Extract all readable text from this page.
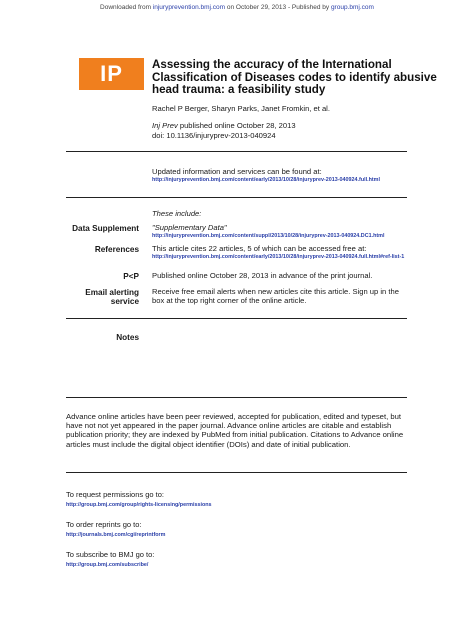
Downloaded from injuryprevention.bmj.com on October 29, 2013 - Published by group.bmj.com
IP	Assessing the accuracy of the International Classification of Diseases codes to identify abusive head trauma: a feasibility study
Rachel P Berger, Sharyn Parks, Janet Fromkin, et al.
Inj Prev published online October 28, 2013
doi: 10.1136/injuryprev-2013-040924
Updated information and services can be found at:
http://injuryprevention.bmj.com/content/early/2013/10/28/injuryprev-2013-040924.full.html
These include:
Data Supplement "Supplementary Data"
http://injuryprevention.bmj.com/content/suppl/2013/10/28/injuryprev-2013-040924.DC1.html
References This article cites 22 articles, 5 of which can be accessed free at:
http://injuryprevention.bmj.com/content/early/2013/10/28/injuryprev-2013-040924.full.html#ref-list-1
P<P Published online October 28, 2013 in advance of the print journal.
Email alerting
service
Receive free email alerts when new articles cite this article. Sign up in the box at the top right corner of the online article.
Notes
Advance online articles have been peer reviewed, accepted for publication, edited and typeset, but have not not yet appeared in the paper journal. Advance online articles are citable and establish publication priority; they are indexed by PubMed from initial publication. Citations to Advance online articles must include the digital object identifier (DOIs) and date of initial publication.
To request permissions go to:
http://group.bmj.com/group/rights-licensing/permissions
To order reprints go to:
http://journals.bmj.com/cgi/reprintform
To subscribe to BMJ go to:
http://group.bmj.com/subscribe/
